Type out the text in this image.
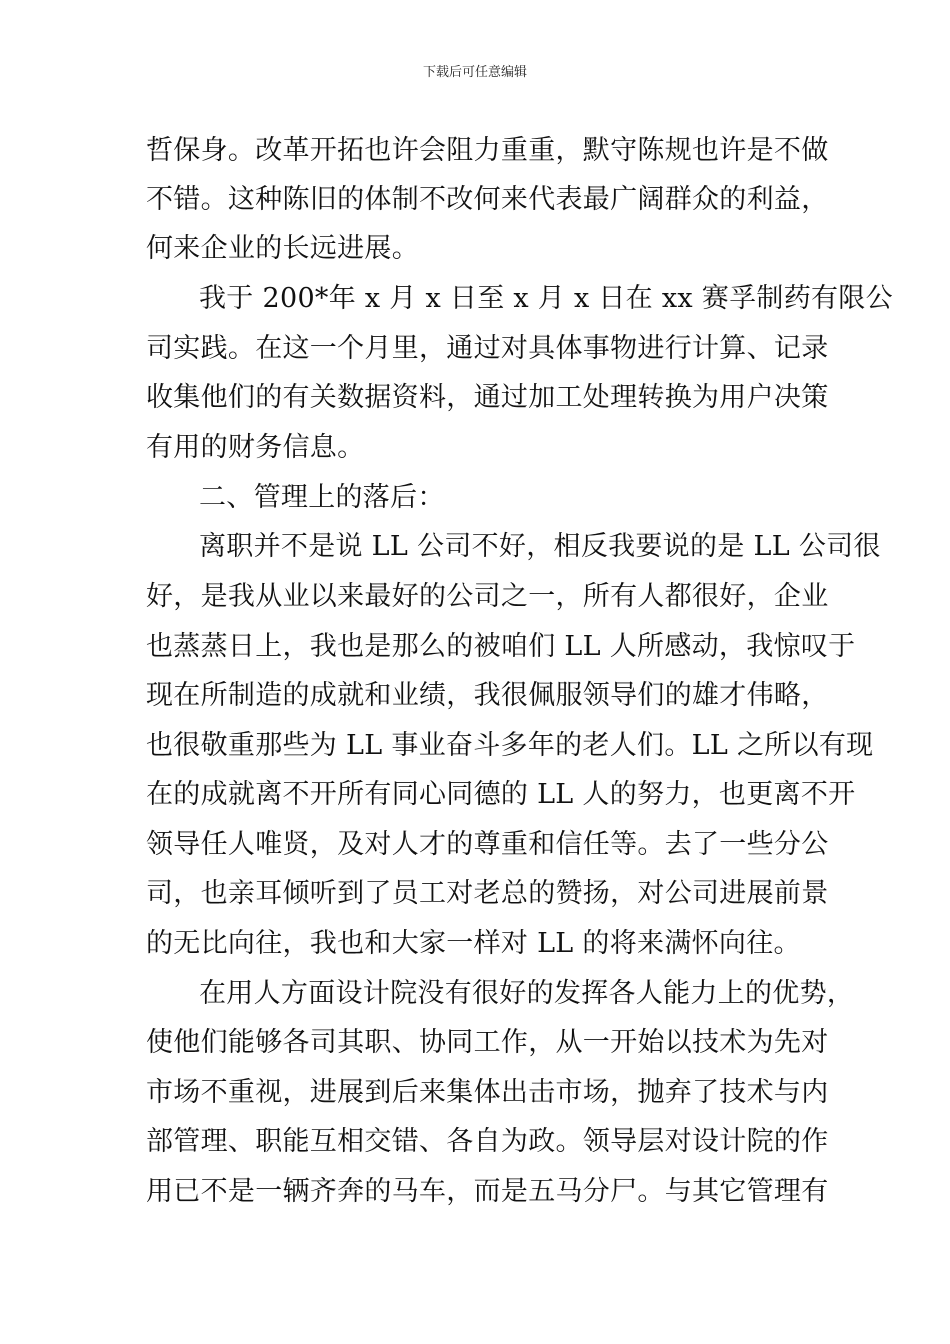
下载后可任意编辑
哲保身。改革开拓也许会阻力重重，默守陈规也许是不做
不错。这种陈旧的体制不改何来代表最广阔群众的利益，
何来企业的长远进展。
我于 200*年 x 月 x 日至 x 月 x 日在 xx 赛孚制药有限公
司实践。在这一个月里，通过对具体事物进行计算、记录
收集他们的有关数据资料，通过加工处理转换为用户决策
有用的财务信息。
二、管理上的落后：
离职并不是说 LL 公司不好，相反我要说的是 LL 公司很
好，是我从业以来最好的公司之一，所有人都很好，企业
也蒸蒸日上，我也是那么的被咱们 LL 人所感动，我惊叹于
现在所制造的成就和业绩，我很佩服领导们的雄才伟略，
也很敬重那些为 LL 事业奋斗多年的老人们。LL 之所以有现
在的成就离不开所有同心同德的 LL 人的努力，也更离不开
领导任人唯贤，及对人才的尊重和信任等。去了一些分公
司，也亲耳倾听到了员工对老总的赞扬，对公司进展前景
的无比向往，我也和大家一样对 LL 的将来满怀向往。
在用人方面设计院没有很好的发挥各人能力上的优势，
使他们能够各司其职、协同工作，从一开始以技术为先对
市场不重视，进展到后来集体出击市场，抛弃了技术与内
部管理、职能互相交错、各自为政。领导层对设计院的作
用已不是一辆齐奔的马车，而是五马分尸。与其它管理有
